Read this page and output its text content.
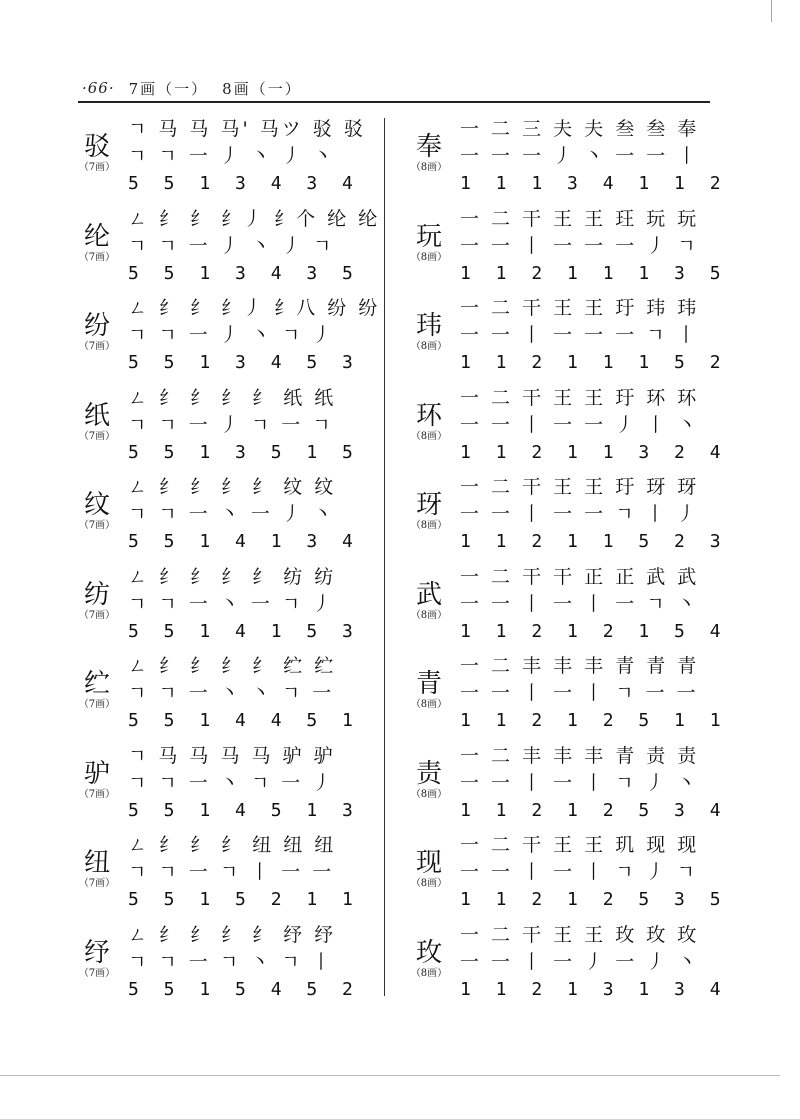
·66· 7画（一） 8画（一）
驳
（7画）
ㄱ 马 马 马' 马ツ 驳 驳
ㄱ ㄱ 一 丿 丶 丿 丶
5 5 1 3 4 3 4
纶
（7画）
ㄥ 纟 纟 纟丿 纟个 纶 纶
ㄱ ㄱ 一 丿 丶 丿 ㄱ
5 5 1 3 4 3 5
纷
（7画）
ㄥ 纟 纟 纟丿 纟八 纷 纷
ㄱ ㄱ 一 丿 丶 ㄱ 丿
5 5 1 3 4 5 3
纸
（7画）
ㄥ 纟 纟 纟 纟 纸 纸
ㄱ ㄱ 一 丿 ㄱ 一 ㄱ
5 5 1 3 5 1 5
纹
（7画）
ㄥ 纟 纟 纟 纟 纹 纹
ㄱ ㄱ 一 丶 一 丿 丶
5 5 1 4 1 3 4
纺
（7画）
ㄥ 纟 纟 纟 纟 纺 纺
ㄱ ㄱ 一 丶 一 ㄱ 丿
5 5 1 4 1 5 3
纻
（7画）
ㄥ 纟 纟 纟 纟 纻 纻
ㄱ ㄱ 一 丶 丶 ㄱ 一
5 5 1 4 4 5 1
驴
（7画）
ㄱ 马 马 马 马 驴 驴
ㄱ ㄱ 一 丶 ㄱ 一 丿
5 5 1 4 5 1 3
纽
（7画）
ㄥ 纟 纟 纟 纽 纽 纽
ㄱ ㄱ 一 ㄱ 丨 一 一
5 5 1 5 2 1 1
纾
（7画）
ㄥ 纟 纟 纟 纟 纾 纾
ㄱ ㄱ 一 ㄱ 丶 ㄱ 丨
5 5 1 5 4 5 2
奉
（8画）
一 二 三 夫 夫 叁 叁 奉
一 一 一 丿 丶 一 一 丨
1 1 1 3 4 1 1 2
玩
（8画）
一 二 干 王 王 玨 玩 玩
一 一 丨 一 一 一 丿 ㄱ
1 1 2 1 1 1 3 5
玮
（8画）
一 二 干 王 王 玗 玮 玮
一 一 丨 一 一 一 ㄱ 丨
1 1 2 1 1 1 5 2
环
（8画）
一 二 干 王 王 玗 环 环
一 一 丨 一 一 丿 丨 丶
1 1 2 1 1 3 2 4
玡
（8画）
一 二 干 王 王 玗 玡 玡
一 一 丨 一 一 ㄱ 丨 丿
1 1 2 1 1 5 2 3
武
（8画）
一 二 干 干 正 正 武 武
一 一 丨 一 丨 一 ㄱ 丶
1 1 2 1 2 1 5 4
青
（8画）
一 二 丰 丰 丰 青 青 青
一 一 丨 一 丨 ㄱ 一 一
1 1 2 1 2 5 1 1
责
（8画）
一 二 丰 丰 丰 青 责 责
一 一 丨 一 丨 ㄱ 丿 丶
1 1 2 1 2 5 3 4
现
（8画）
一 二 干 王 王 玑 现 现
一 一 丨 一 丨 ㄱ 丿 ㄱ
1 1 2 1 2 5 3 5
玫
（8画）
一 二 干 王 王 玫 玫 玫
一 一 丨 一 丿 一 丿 丶
1 1 2 1 3 1 3 4
